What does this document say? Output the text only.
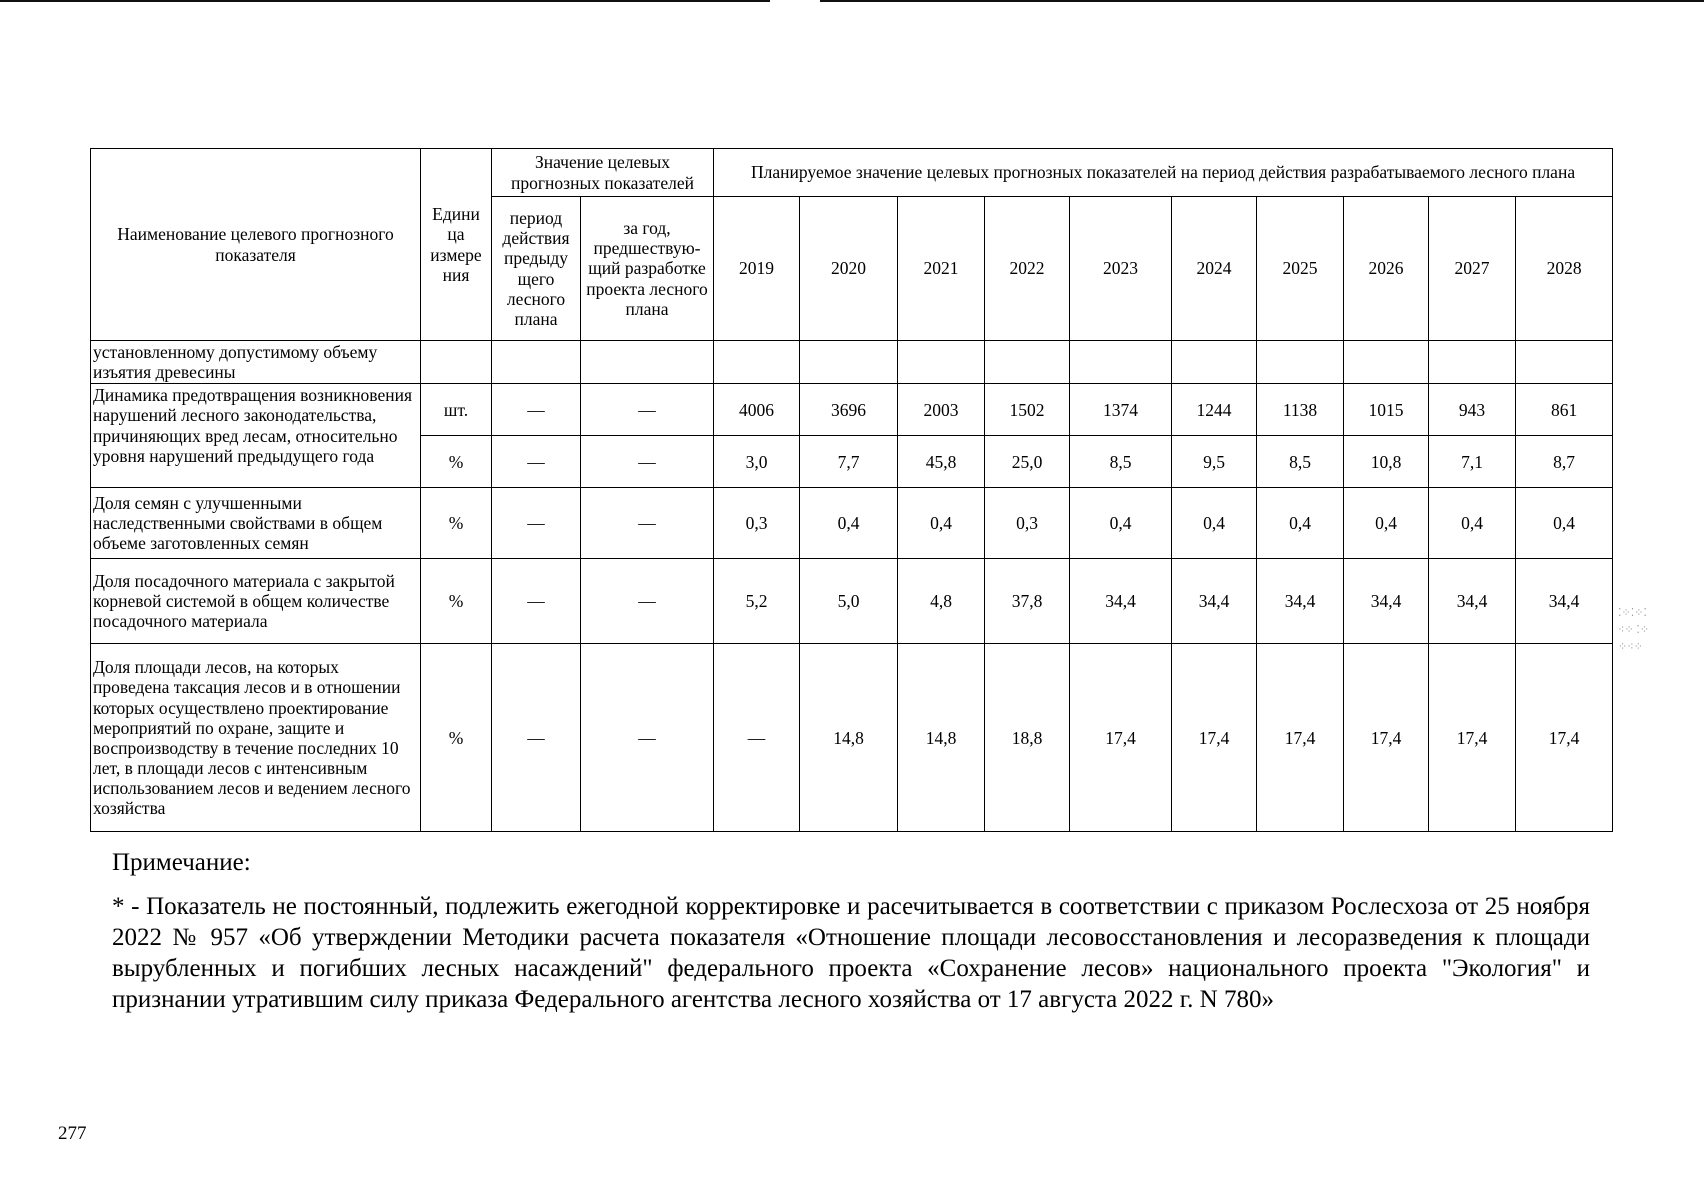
Наименование целевого прогнозного показателя	Едини ца измере ния	Значение целевых прогнозных показателей		Планируемое значение целевых прогнозных показателей на период действия разрабатываемого лесного плана									
		период действия предыду щего лесного плана	за год, предшествую- щий разработке проекта лесного плана	2019	2020	2021	2022	2023	2024	2025	2026	2027	2028
установленному допустимому объему изъятия древесины													
Динамика предотвращения возникновения нарушений лесного законодательства, причиняющих вред лесам, относительно уровня нарушений предыдущего года	шт.	—	—	4006	3696	2003	1502	1374	1244	1138	1015	943	861
	%	—	—	3,0	7,7	45,8	25,0	8,5	9,5	8,5	10,8	7,1	8,7
Доля семян с улучшенными наследственными свойствами в общем объеме заготовленных семян	%	—	—	0,3	0,4	0,4	0,3	0,4	0,4	0,4	0,4	0,4	0,4
Доля посадочного материала с закрытой корневой системой в общем количестве посадочного материала	%	—	—	5,2	5,0	4,8	37,8	34,4	34,4	34,4	34,4	34,4	34,4
Доля площади лесов, на которых проведена таксация лесов и в отношении которых осуществлено проектирование мероприятий по охране, защите и воспроизводству в течение последних 10 лет, в площади лесов с интенсивным использованием лесов и ведением лесного хозяйства	%	—	—	—	14,8	14,8	18,8	17,4	17,4	17,4	17,4	17,4	17,4
Примечание:
* - Показатель не постоянный, подлежить ежегодной корректировке и расечитывается в соответствии с приказом Рослесхоза от 25 ноября 2022 № 957 «Об утверждении Методики расчета показателя «Отношение площади лесовосстановления и лесоразведения к площади вырубленных и погибших лесных насаждений" федерального проекта «Сохранение лесов» национального проекта "Экология" и признании утратившим силу приказа Федерального агентства лесного хозяйства от 17 августа 2022 г. N 780»
277
⁚⁘⁚⁘⁚
⁖⁘ ⁚⁘
⁘⁖⁘
